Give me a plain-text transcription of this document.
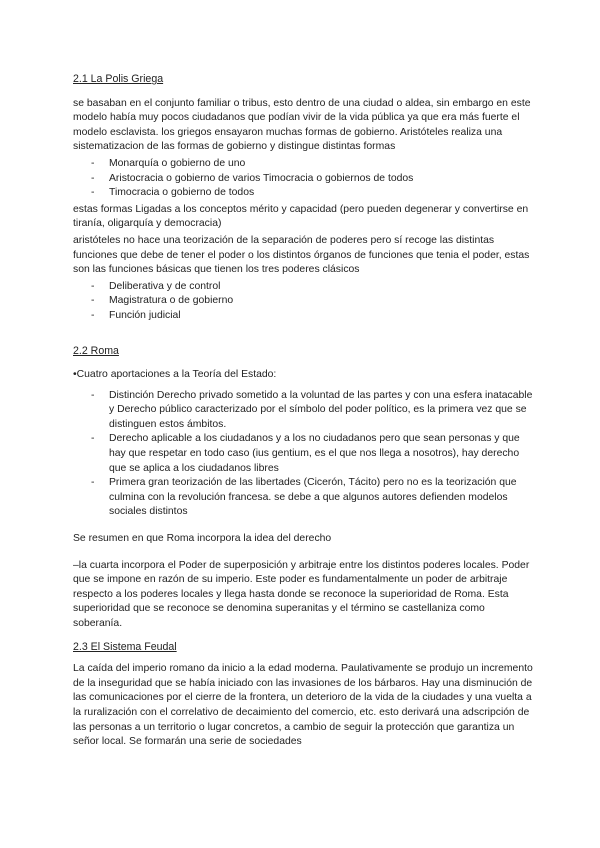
2.1 La Polis Griega

se basaban en el conjunto familiar o tribus, esto dentro de una ciudad o aldea, sin embargo en este modelo había muy pocos ciudadanos que podían vivir de la vida pública ya que era más fuerte el modelo esclavista. los griegos ensayaron muchas formas de gobierno. Aristóteles realiza una sistematizacion de las formas de gobierno y distingue distintas formas

- Monarquía o gobierno de uno
- Aristocracia o gobierno de varios Timocracia o gobiernos de todos
- Timocracia o gobierno de todos

estas formas Ligadas a los conceptos mérito y capacidad (pero pueden degenerar y convertirse en tiranía, oligarquía y democracia)

aristóteles no hace una teorización de la separación de poderes pero sí recoge las distintas funciones que debe de tener el poder o los distintos órganos de funciones que tenia el poder, estas son las funciones básicas que tienen los tres poderes clásicos

- Deliberativa y de control
- Magistratura o de gobierno
- Función judicial
2.2 Roma

•Cuatro aportaciones a la Teoría del Estado:

- Distinción Derecho privado sometido a la voluntad de las partes y con una esfera inatacable y Derecho público caracterizado por el símbolo del poder político, es la primera vez que se distinguen estos ámbitos.
- Derecho aplicable a los ciudadanos y a los no ciudadanos pero que sean personas y que hay que respetar en todo caso (ius gentium, es el que nos llega a nosotros), hay derecho que se aplica a los ciudadanos libres
- Primera gran teorización de las libertades (Cicerón, Tácito) pero no es la teorización que culmina con la revolución francesa. se debe a que algunos autores defienden modelos sociales distintos

Se resumen en que Roma incorpora la idea del derecho

–la cuarta incorpora el Poder de superposición y arbitraje entre los distintos poderes locales. Poder que se impone en razón de su imperio. Este poder es fundamentalmente un poder de arbitraje respecto a los poderes locales y llega hasta donde se reconoce la superioridad de Roma. Esta superioridad que se reconoce se denomina superanitas y el término se castellaniza como soberanía.

2.3 El Sistema Feudal

La caída del imperio romano da inicio a la edad moderna. Paulativamente se produjo un incremento de la inseguridad que se había iniciado con las invasiones de los bárbaros. Hay una disminución de las comunicaciones por el cierre de la frontera, un deterioro de la vida de la ciudades y una vuelta a la ruralización con el correlativo de decaimiento del comercio, etc. esto derivará una adscripción de las personas a un territorio o lugar concretos, a cambio de seguir la protección que garantiza un señor local. Se formarán una serie de sociedades
